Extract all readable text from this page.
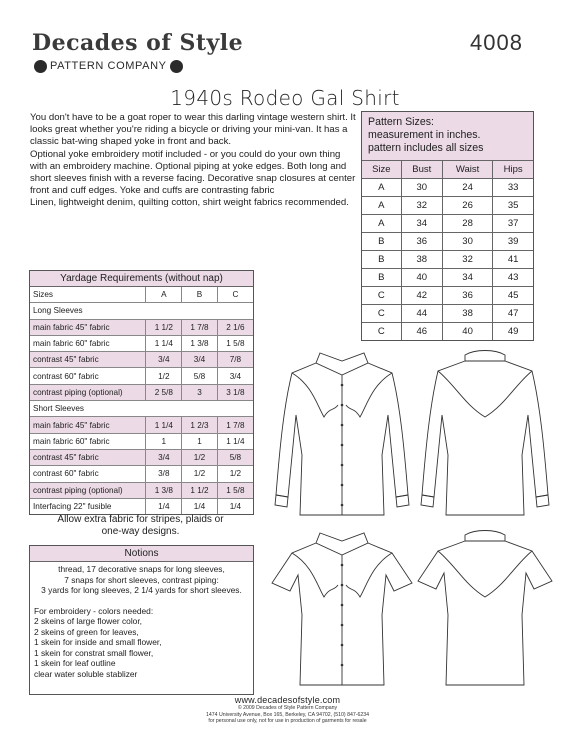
Decades of Style
PATTERN COMPANY
4008
1940s Rodeo Gal Shirt

You don't have to be a goat roper to wear this darling vintage western shirt. It looks great whether you're riding a bicycle or driving your mini-van. It has a classic bat-wing shaped yoke in front and back.

Optional yoke embroidery motif included - or you could do your own thing with an embroidery machine. Optional piping at yoke edges. Both long and short sleeves finish with a reverse facing. Decorative snap closures at center front and cuff edges. Yoke and cuffs are contrasting fabric

Linen, lightweight denim, quilting cotton, shirt weight fabrics recommended.

Pattern Sizes:
measurement in inches.
pattern includes all sizes
Size	Bust	Waist	Hips
A	30	24	33
A	32	26	35
A	34	28	37
B	36	30	39
B	38	32	41
B	40	34	43
C	42	36	45
C	44	38	47
C	46	40	49
Yardage Requirements (without nap)
Sizes	A	B	C
Long Sleeves			
main fabric 45" fabric	1 1/2	1 7/8	2 1/6
main fabric 60" fabric	1 1/4	1 3/8	1 5/8
contrast 45" fabric	3/4	3/4	7/8
contrast 60" fabric	1/2	5/8	3/4
contrast piping (optional)	2 5/8	3	3 1/8
Short Sleeves			
main fabric 45" fabric	1 1/4	1 2/3	1 7/8
main fabric 60" fabric	1	1	1 1/4
contrast 45" fabric	3/4	1/2	5/8
contrast 60" fabric	3/8	1/2	1/2
contrast piping (optional)	1 3/8	1 1/2	1 5/8
Interfacing 22" fusible	1/4	1/4	1/4
Allow extra fabric for stripes, plaids or
one-way designs.
Notions
thread, 17 decorative snaps for long sleeves,
7 snaps for short sleeves, contrast piping:
3 yards for long sleeves, 2 1/4 yards for short sleeves.
For embroidery - colors needed:
2 skeins of large flower color,
2 skeins of green for leaves,
1 skein for inside and small flower,
1 skein for constrat small flower,
1 skein for leaf outline
clear water soluble stablizer
www.decadesofstyle.com
© 2009 Decades of Style Pattern Company
1474 University Avenue, Box 165, Berkeley, CA 94702, (510) 847-6234
for personal use only, not for use in production of garments for resale
